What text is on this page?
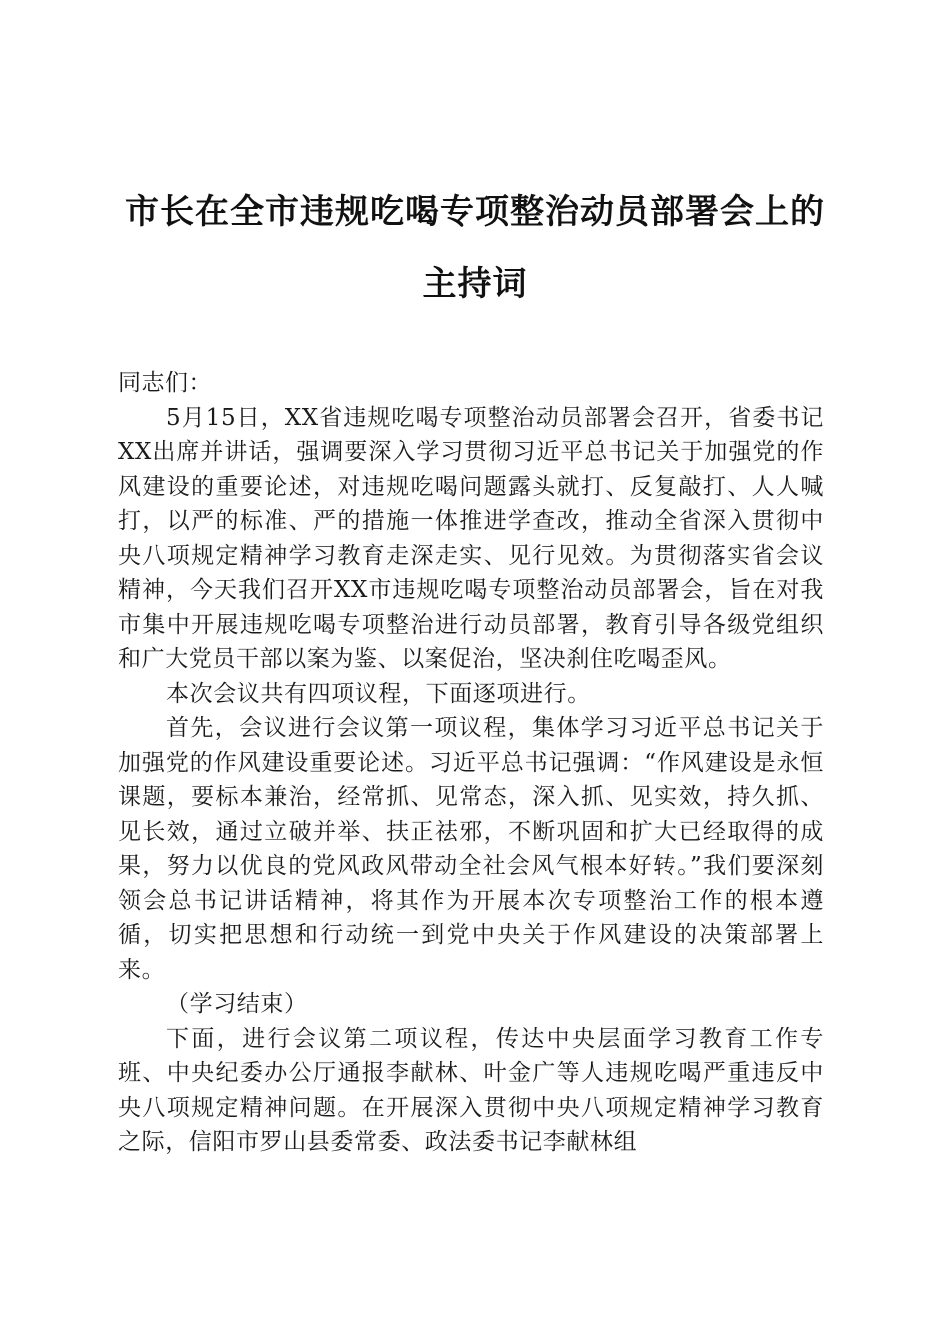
市长在全市违规吃喝专项整治动员部署会上的
主持词
同志们：

5月15日，XX省违规吃喝专项整治动员部署会召开，省委书记XX出席并讲话，强调要深入学习贯彻习近平总书记关于加强党的作风建设的重要论述，对违规吃喝问题露头就打、反复敲打、人人喊打，以严的标准、严的措施一体推进学查改，推动全省深入贯彻中央八项规定精神学习教育走深走实、见行见效。为贯彻落实省会议精神，今天我们召开XX市违规吃喝专项整治动员部署会，旨在对我市集中开展违规吃喝专项整治进行动员部署，教育引导各级党组织和广大党员干部以案为鉴、以案促治，坚决刹住吃喝歪风。

本次会议共有四项议程，下面逐项进行。

首先，会议进行会议第一项议程，集体学习习近平总书记关于加强党的作风建设重要论述。习近平总书记强调：“作风建设是永恒课题，要标本兼治，经常抓、见常态，深入抓、见实效，持久抓、见长效，通过立破并举、扶正祛邪，不断巩固和扩大已经取得的成果，努力以优良的党风政风带动全社会风气根本好转。”我们要深刻领会总书记讲话精神，将其作为开展本次专项整治工作的根本遵循，切实把思想和行动统一到党中央关于作风建设的决策部署上来。

（学习结束）

下面，进行会议第二项议程，传达中央层面学习教育工作专班、中央纪委办公厅通报李献林、叶金广等人违规吃喝严重违反中央八项规定精神问题。在开展深入贯彻中央八项规定精神学习教育之际，信阳市罗山县委常委、政法委书记李献林组
